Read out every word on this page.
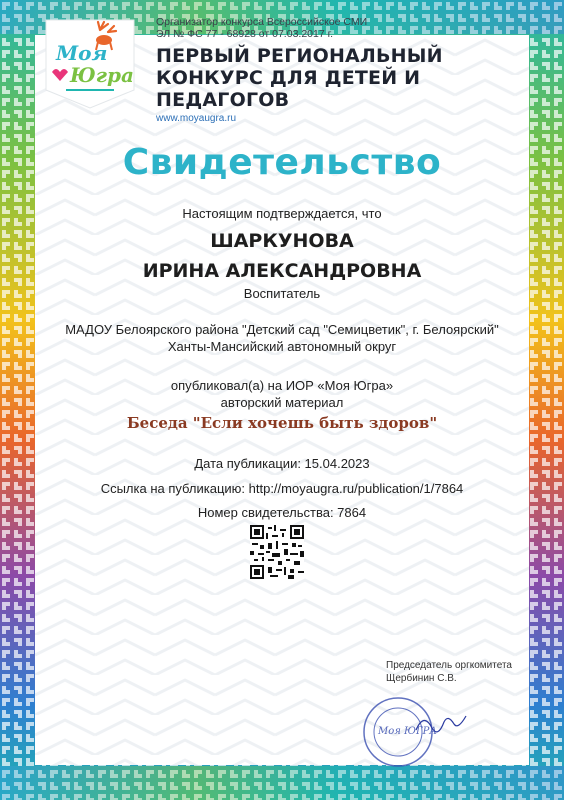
Моя
Югра
Организатор конкурса Всероссийское СМИ
ЭЛ № ФС 77 - 68928 от 07.03.2017 г.
ПЕРВЫЙ РЕГИОНАЛЬНЫЙ
КОНКУРС ДЛЯ ДЕТЕЙ И ПЕДАГОГОВ
www.moyaugra.ru
Свидетельство
Настоящим подтверждается, что
ШАРКУНОВА
ИРИНА АЛЕКСАНДРОВНА
Воспитатель
МАДОУ Белоярского района "Детский сад "Семицветик", г. Белоярский"
Ханты-Мансийский автономный округ
опубликовал(а) на ИОР «Моя Югра»
авторский материал
Беседа "Если хочешь быть здоров"
Дата публикации: 15.04.2023
Ссылка на публикацию: http://moyaugra.ru/publication/1/7864
Номер свидетельства: 7864
Председатель оргкомитета
Щербинин С.В.
Моя ЮГРА
